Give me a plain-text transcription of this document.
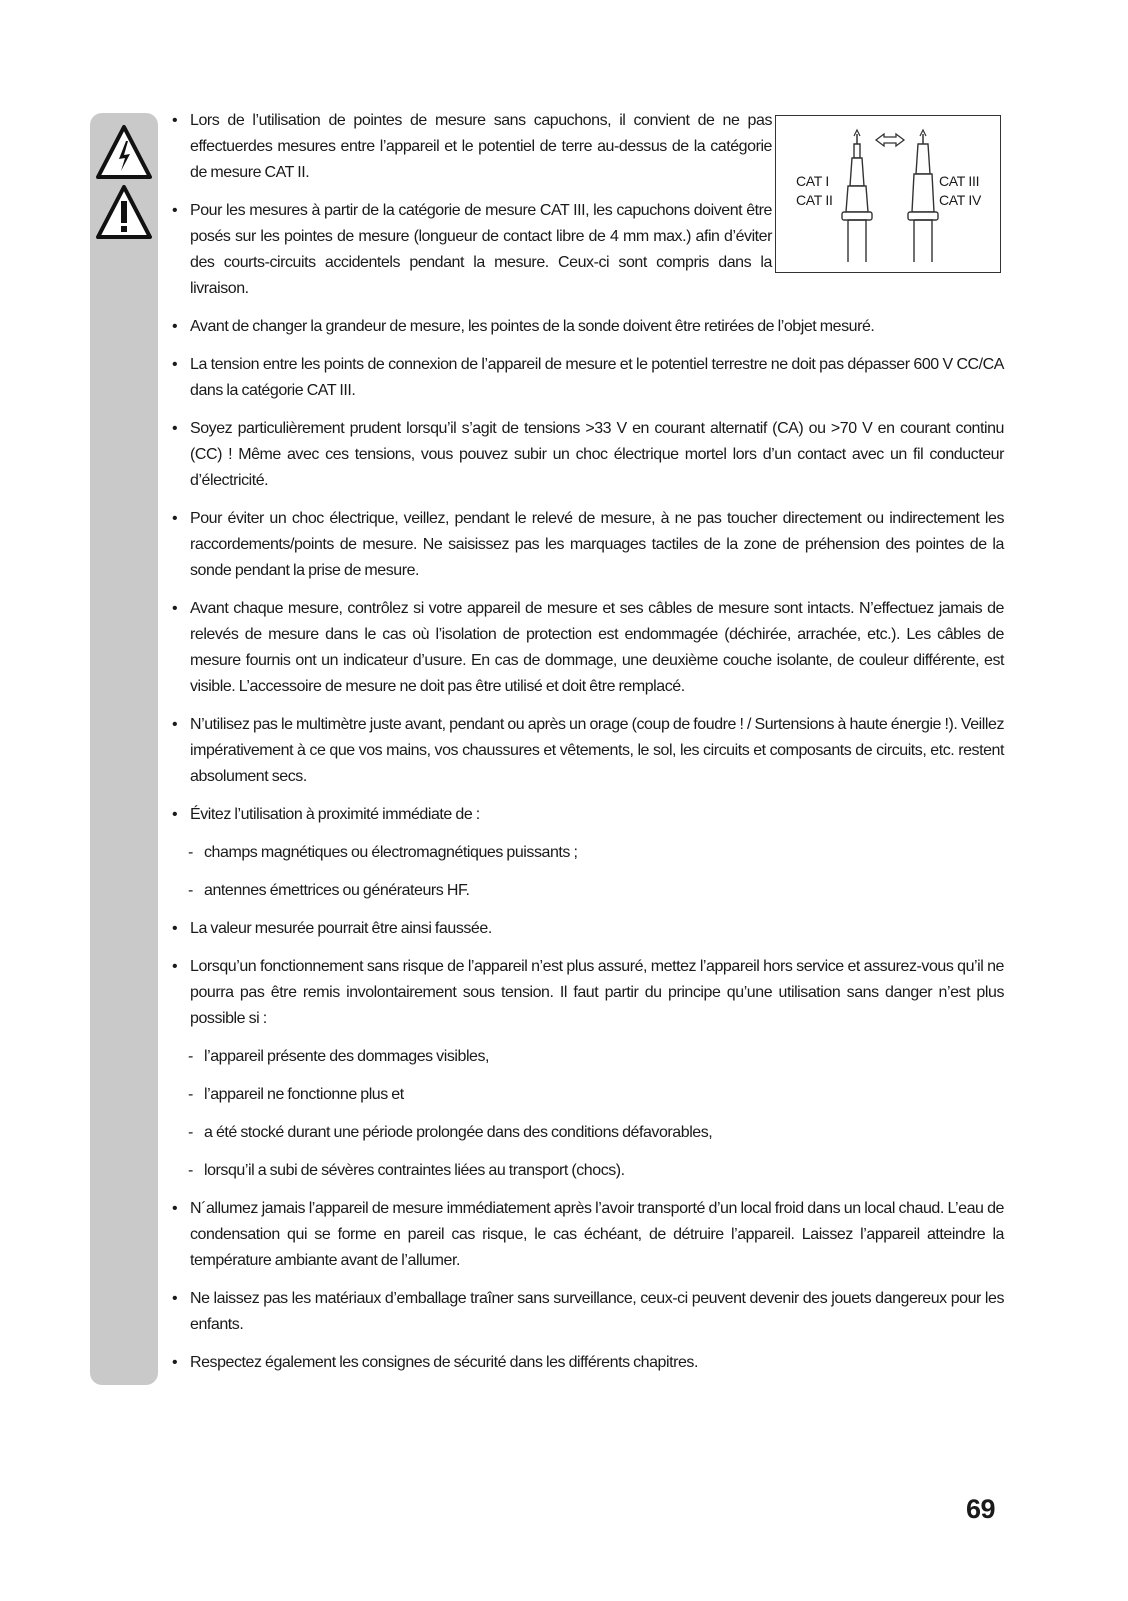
CAT I
CAT II
CAT III
CAT IV
• Lors de l’utilisation de pointes de mesure sans capuchons, il convient de ne pas effectuerdes mesures entre l’appareil et le potentiel de terre au-dessus de la catégorie de mesure CAT II.
• Pour les mesures à partir de la catégorie de mesure CAT III, les capuchons doivent être posés sur les pointes de mesure (longueur de contact libre de 4 mm max.) afin d’éviter des courts-circuits accidentels pendant la mesure. Ceux-ci sont compris dans la livraison.
• Avant de changer la grandeur de mesure, les pointes de la sonde doivent être retirées de l’objet mesuré.
• La tension entre les points de connexion de l’appareil de mesure et le potentiel terrestre ne doit pas dépasser 600 V CC/CA dans la catégorie CAT III.
• Soyez particulièrement prudent lorsqu’il s’agit de tensions >33 V en courant alternatif (CA) ou >70 V en courant continu (CC) ! Même avec ces tensions, vous pouvez subir un choc électrique mortel lors d’un contact avec un fil conducteur d’électricité.
• Pour éviter un choc électrique, veillez, pendant le relevé de mesure, à ne pas toucher directement ou indirectement les raccordements/points de mesure. Ne saisissez pas les marquages tactiles de la zone de préhension des pointes de la sonde pendant la prise de mesure.
• Avant chaque mesure, contrôlez si votre appareil de mesure et ses câbles de mesure sont intacts. N’effectuez jamais de relevés de mesure dans le cas où l’isolation de protection est endommagée (déchirée, arrachée, etc.). Les câbles de mesure fournis ont un indicateur d’usure. En cas de dommage, une deuxième couche isolante, de couleur différente, est visible. L’accessoire de mesure ne doit pas être utilisé et doit être remplacé.
• N’utilisez pas le multimètre juste avant, pendant ou après un orage (coup de foudre ! / Surtensions à haute énergie !). Veillez impérativement à ce que vos mains, vos chaussures et vêtements, le sol, les circuits et composants de circuits, etc. restent absolument secs.
• Évitez l’utilisation à proximité immédiate de :
- champs magnétiques ou électromagnétiques puissants ;
- antennes émettrices ou générateurs HF.
• La valeur mesurée pourrait être ainsi faussée.
• Lorsqu’un fonctionnement sans risque de l’appareil n’est plus assuré, mettez l’appareil hors service et assurez-vous qu’il ne pourra pas être remis involontairement sous tension. Il faut partir du principe qu’une utilisation sans danger n’est plus possible si :
- l’appareil présente des dommages visibles,
- l’appareil ne fonctionne plus et
- a été stocké durant une période prolongée dans des conditions défavorables,
- lorsqu’il a subi de sévères contraintes liées au transport (chocs).
• N´allumez jamais l’appareil de mesure immédiatement après l’avoir transporté d’un local froid dans un local chaud. L’eau de condensation qui se forme en pareil cas risque, le cas échéant, de détruire l’appareil. Laissez l’appareil atteindre la température ambiante avant de l’allumer.
• Ne laissez pas les matériaux d’emballage traîner sans surveillance, ceux-ci peuvent devenir des jouets dangereux pour les enfants.
• Respectez également les consignes de sécurité dans les différents chapitres.
69
